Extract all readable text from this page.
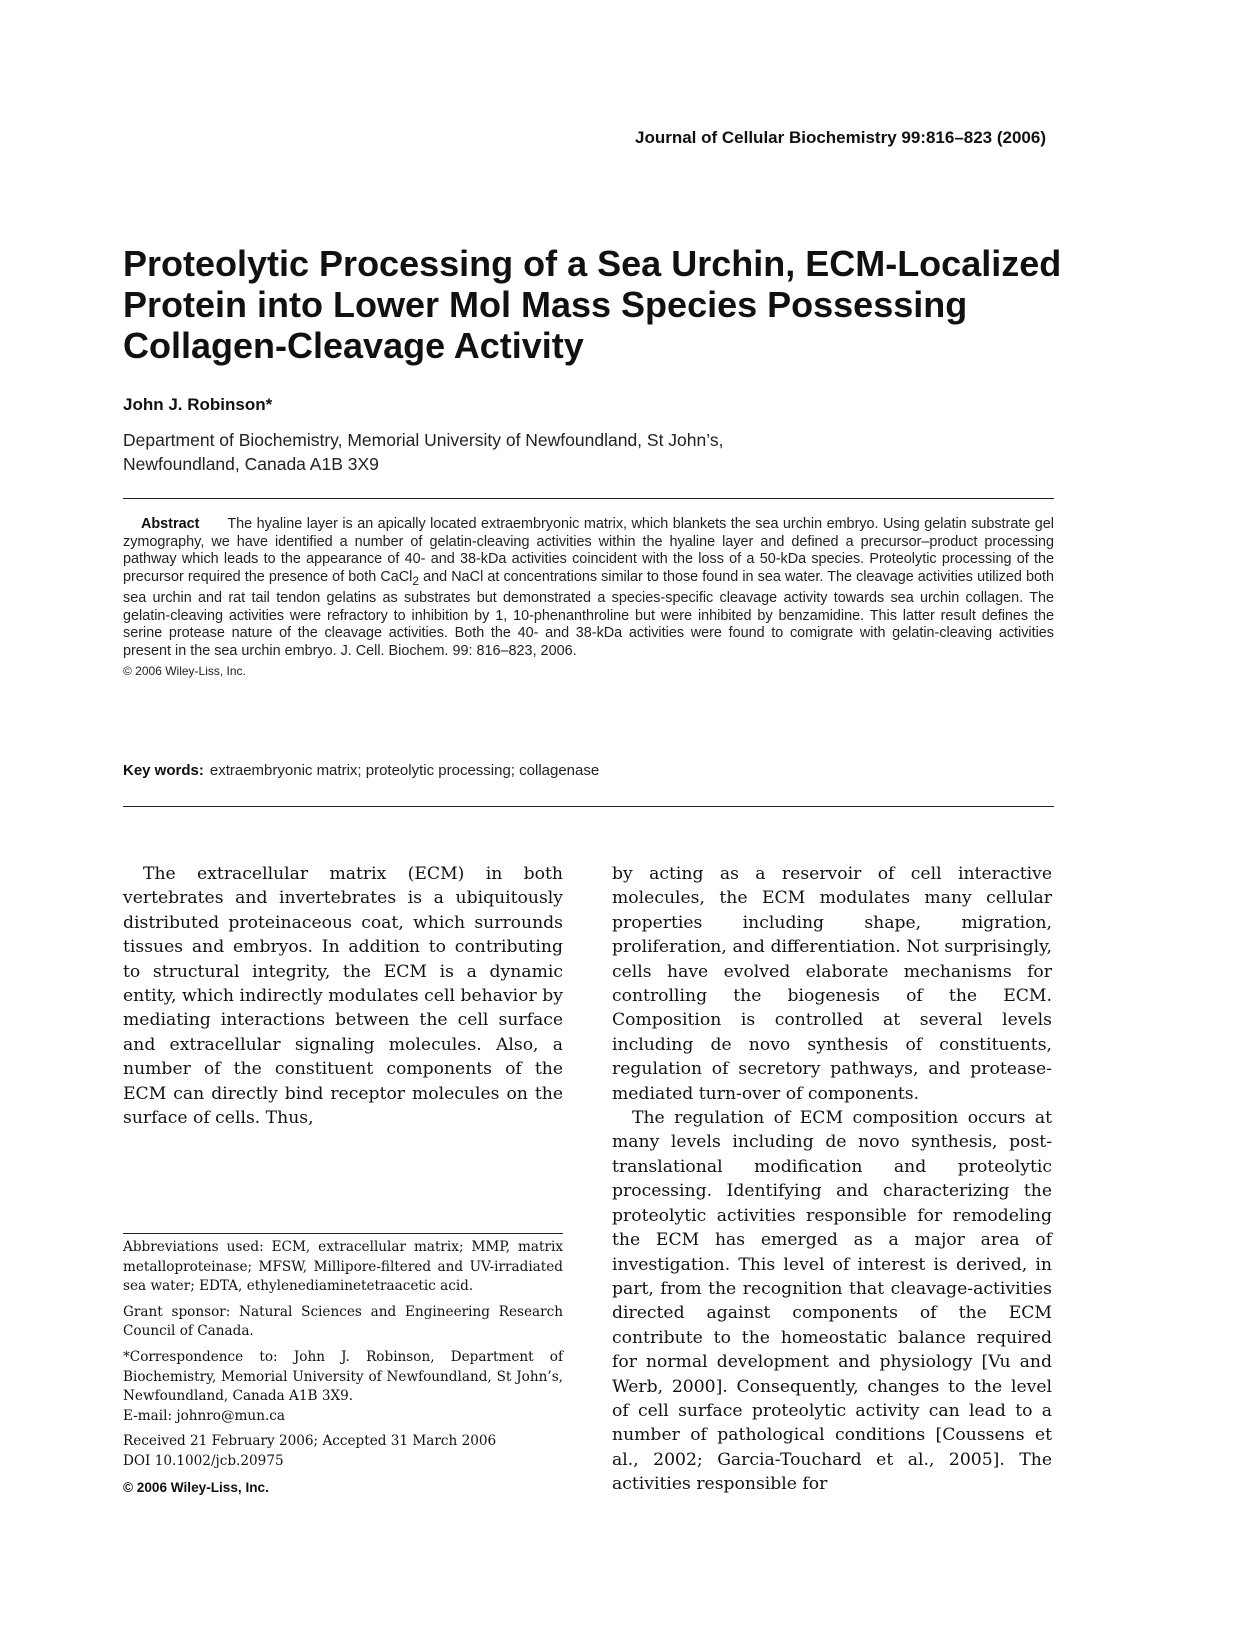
Journal of Cellular Biochemistry 99:816–823 (2006)
Proteolytic Processing of a Sea Urchin, ECM-Localized Protein into Lower Mol Mass Species Possessing Collagen-Cleavage Activity
John J. Robinson*
Department of Biochemistry, Memorial University of Newfoundland, St John’s,
Newfoundland, Canada A1B 3X9
Abstract The hyaline layer is an apically located extraembryonic matrix, which blankets the sea urchin embryo. Using gelatin substrate gel zymography, we have identified a number of gelatin-cleaving activities within the hyaline layer and defined a precursor–product processing pathway which leads to the appearance of 40- and 38-kDa activities coincident with the loss of a 50-kDa species. Proteolytic processing of the precursor required the presence of both CaCl$_2$ and NaCl at concentrations similar to those found in sea water. The cleavage activities utilized both sea urchin and rat tail tendon gelatins as substrates but demonstrated a species-specific cleavage activity towards sea urchin collagen. The gelatin-cleaving activities were refractory to inhibition by 1, 10-phenanthroline but were inhibited by benzamidine. This latter result defines the serine protease nature of the cleavage activities. Both the 40- and 38-kDa activities were found to comigrate with gelatin-cleaving activities present in the sea urchin embryo. J. Cell. Biochem. 99: 816–823, 2006.
© 2006 Wiley-Liss, Inc.
Key words: extraembryonic matrix; proteolytic processing; collagenase

The extracellular matrix (ECM) in both vertebrates and invertebrates is a ubiquitously distributed proteinaceous coat, which surrounds tissues and embryos. In addition to contributing to structural integrity, the ECM is a dynamic entity, which indirectly modulates cell behavior by mediating interactions between the cell surface and extracellular signaling molecules. Also, a number of the constituent components of the ECM can directly bind receptor molecules on the surface of cells. Thus,

by acting as a reservoir of cell interactive molecules, the ECM modulates many cellular properties including shape, migration, proliferation, and differentiation. Not surprisingly, cells have evolved elaborate mechanisms for controlling the biogenesis of the ECM. Composition is controlled at several levels including de novo synthesis of constituents, regulation of secretory pathways, and protease-mediated turn-over of components.

The regulation of ECM composition occurs at many levels including de novo synthesis, post-translational modification and proteolytic processing. Identifying and characterizing the proteolytic activities responsible for remodeling the ECM has emerged as a major area of investigation. This level of interest is derived, in part, from the recognition that cleavage-activities directed against components of the ECM contribute to the homeostatic balance required for normal development and physiology [Vu and Werb, 2000]. Consequently, changes to the level of cell surface proteolytic activity can lead to a number of pathological conditions [Coussens et al., 2002; Garcia-Touchard et al., 2005]. The activities responsible for

Abbreviations used: ECM, extracellular matrix; MMP, matrix metalloproteinase; MFSW, Millipore-filtered and UV-irradiated sea water; EDTA, ethylenediaminetetraacetic acid.

Grant sponsor: Natural Sciences and Engineering Research Council of Canada.

*Correspondence to: John J. Robinson, Department of Biochemistry, Memorial University of Newfoundland, St John’s, Newfoundland, Canada A1B 3X9.

E-mail: johnro@mun.ca

Received 21 February 2006; Accepted 31 March 2006

DOI 10.1002/jcb.20975

© 2006 Wiley-Liss, Inc.
